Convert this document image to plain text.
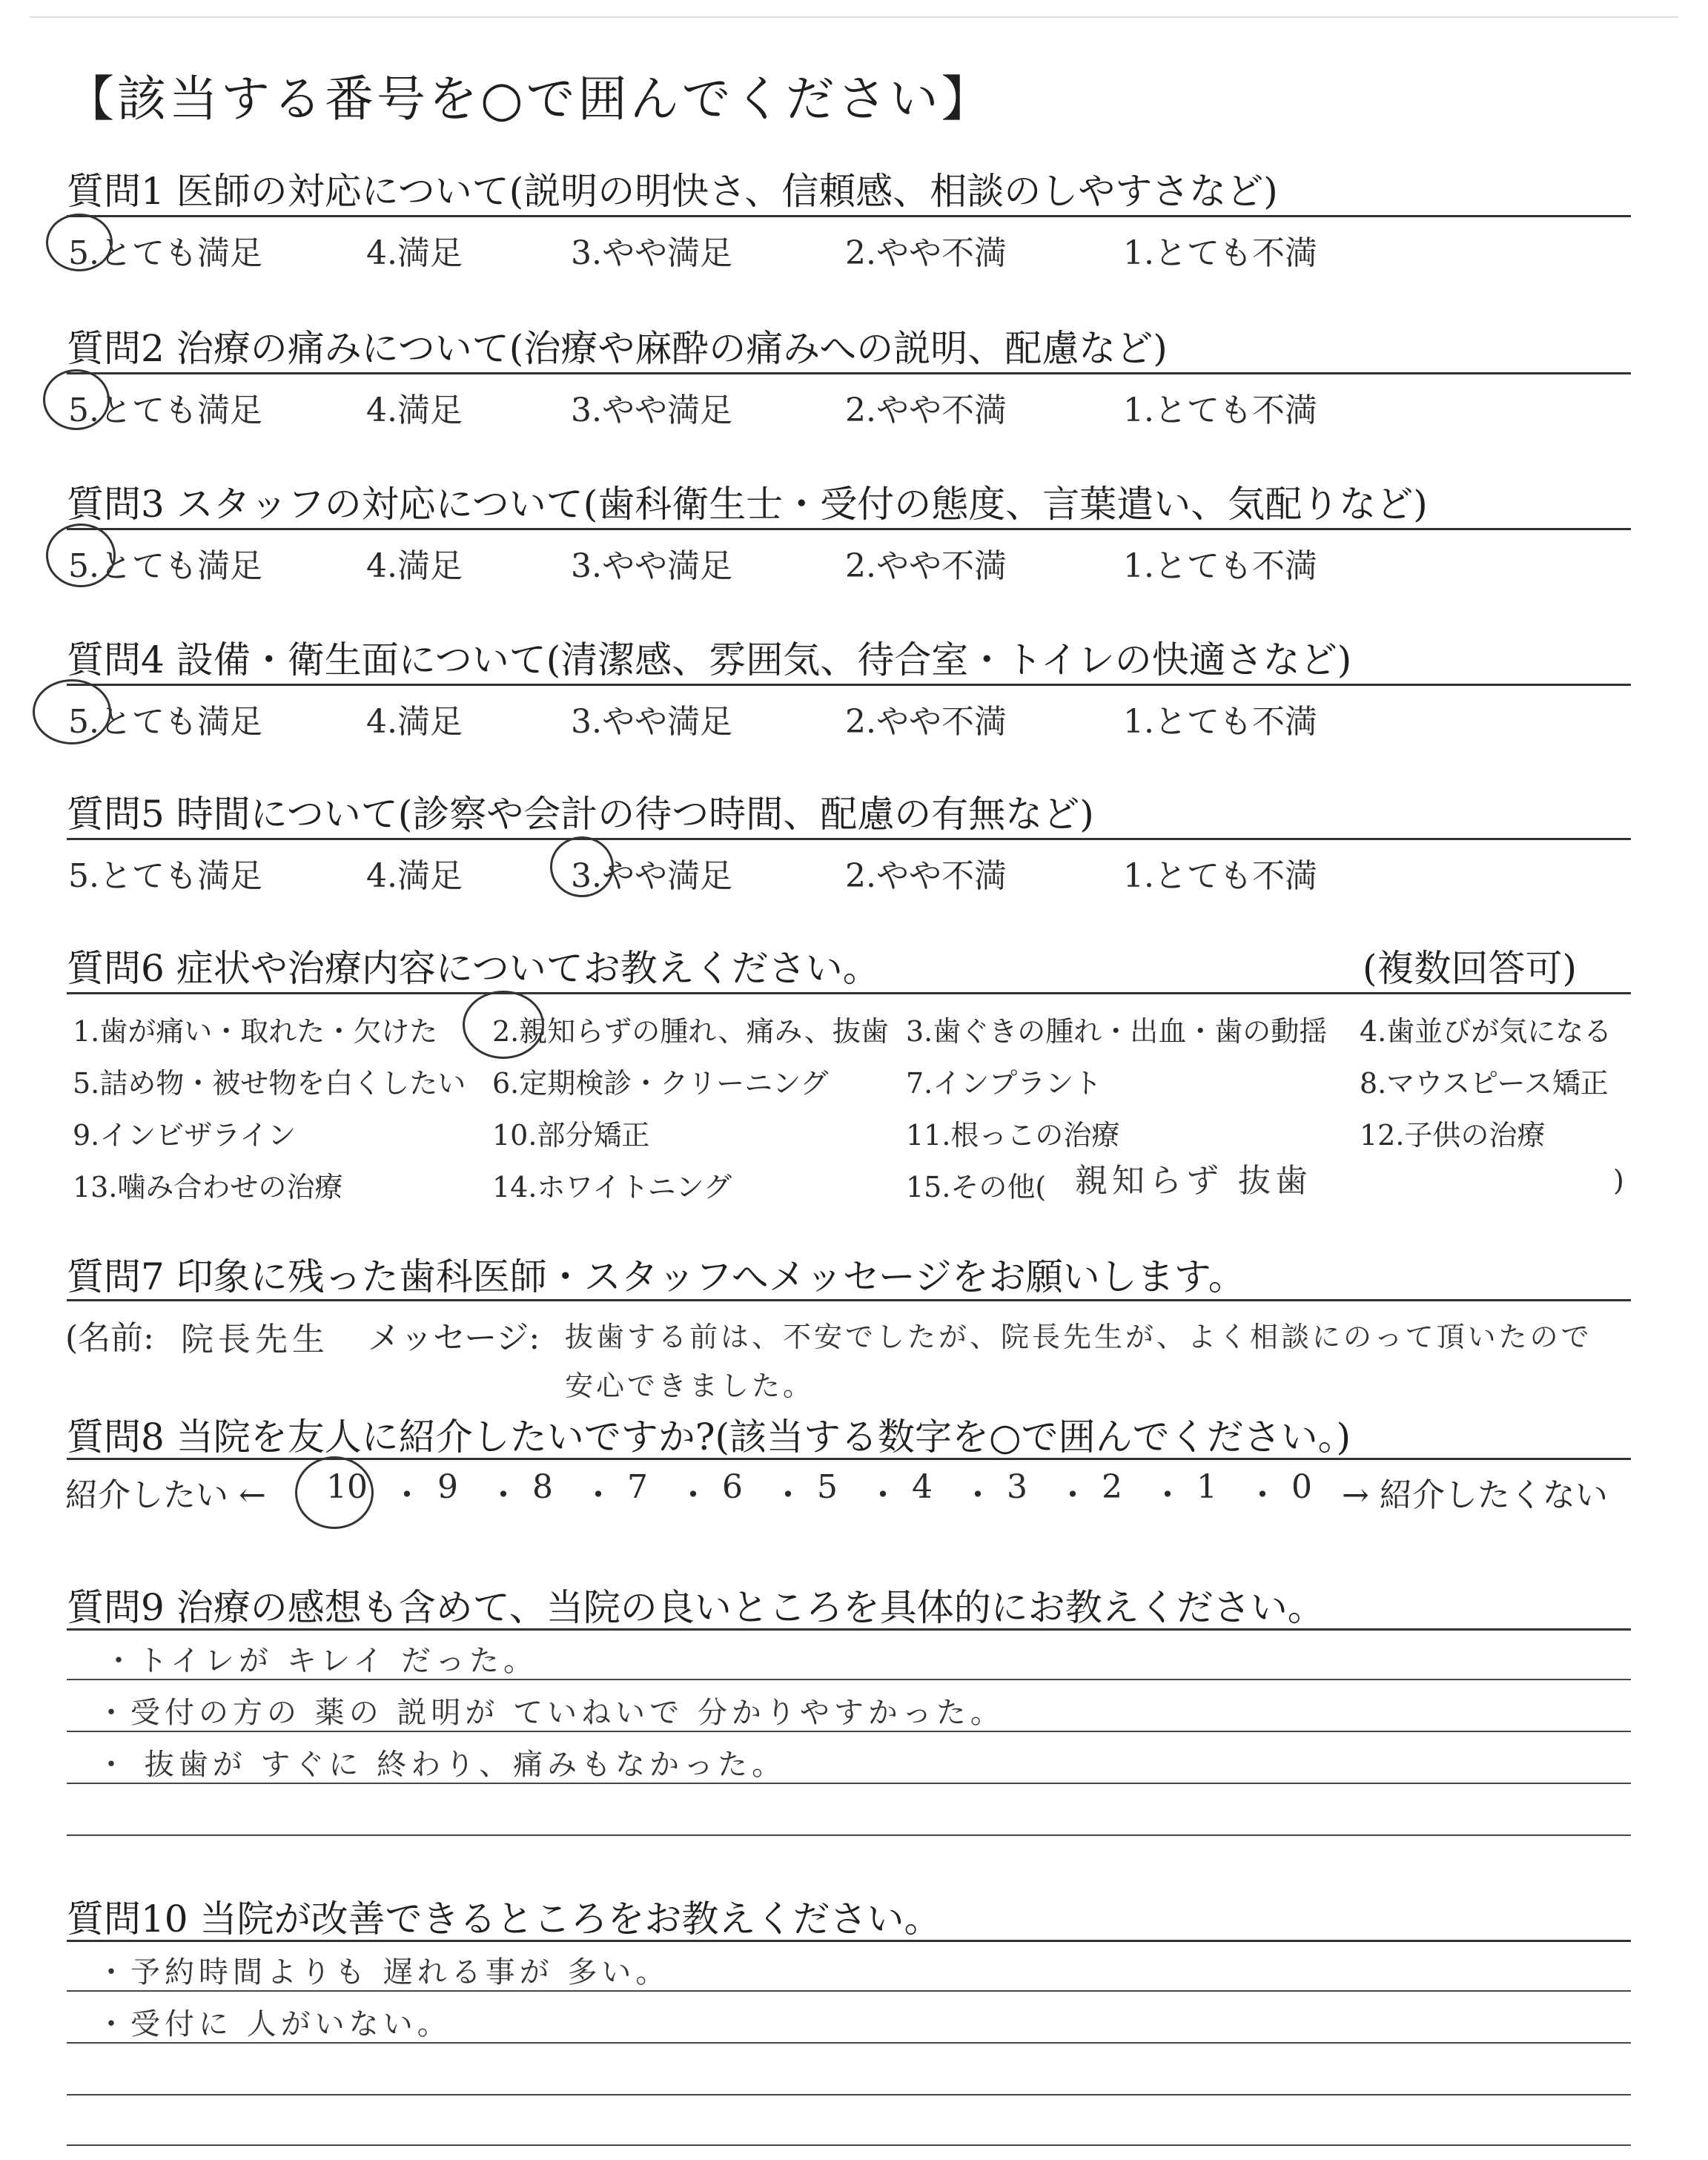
【該当する番号を○で囲んでください】
質問1 医師の対応について(説明の明快さ、信頼感、相談のしやすさなど)
5.とても満足	4.満足	3.やや満足	2.やや不満	1.とても不満
質問2 治療の痛みについて(治療や麻酔の痛みへの説明、配慮など)
5.とても満足	4.満足	3.やや満足	2.やや不満	1.とても不満
質問3 スタッフの対応について(歯科衛生士・受付の態度、言葉遣い、気配りなど)
5.とても満足	4.満足	3.やや満足	2.やや不満	1.とても不満
質問4 設備・衛生面について(清潔感、雰囲気、待合室・トイレの快適さなど)
5.とても満足	4.満足	3.やや満足	2.やや不満	1.とても不満
質問5 時間について(診察や会計の待つ時間、配慮の有無など)
5.とても満足	4.満足	3.やや満足	2.やや不満	1.とても不満
質問6 症状や治療内容についてお教えください。	(複数回答可)
1.歯が痛い・取れた・欠けた 2.親知らずの腫れ、痛み、抜歯 3.歯ぐきの腫れ・出血・歯の動揺 4.歯並びが気になる
5.詰め物・被せ物を白くしたい 6.定期検診・クリーニング	7.インプラント	8.マウスピース矯正
9.インビザライン	10.部分矯正	11.根っこの治療	12.子供の治療
13.噛み合わせの治療	14.ホワイトニング	15.その他( 親知らず 抜歯	)
質問7 印象に残った歯科医師・スタッフへメッセージをお願いします。
(名前: 院長先生 メッセージ: 抜歯する前は、不安でしたが、院長先生が、よく相談にのって頂いたので
安心できました。
質問8 当院を友人に紹介したいですか?(該当する数字を○で囲んでください。)
紹介したい ←	→ 紹介したくない
10 ・ 9 ・ 8 ・ 7 ・ 6 ・ 5 ・ 4 ・ 3 ・ 2 ・ 1 ・ 0
質問9 治療の感想も含めて、当院の良いところを具体的にお教えください。
・トイレが キレイ だった。
・受付の方の 薬の 説明が ていねいで 分かりやすかった。
・ 抜歯が すぐに 終わり、痛みもなかった。
質問10 当院が改善できるところをお教えください。
・予約時間よりも 遅れる事が 多い。
・受付に 人がいない。
